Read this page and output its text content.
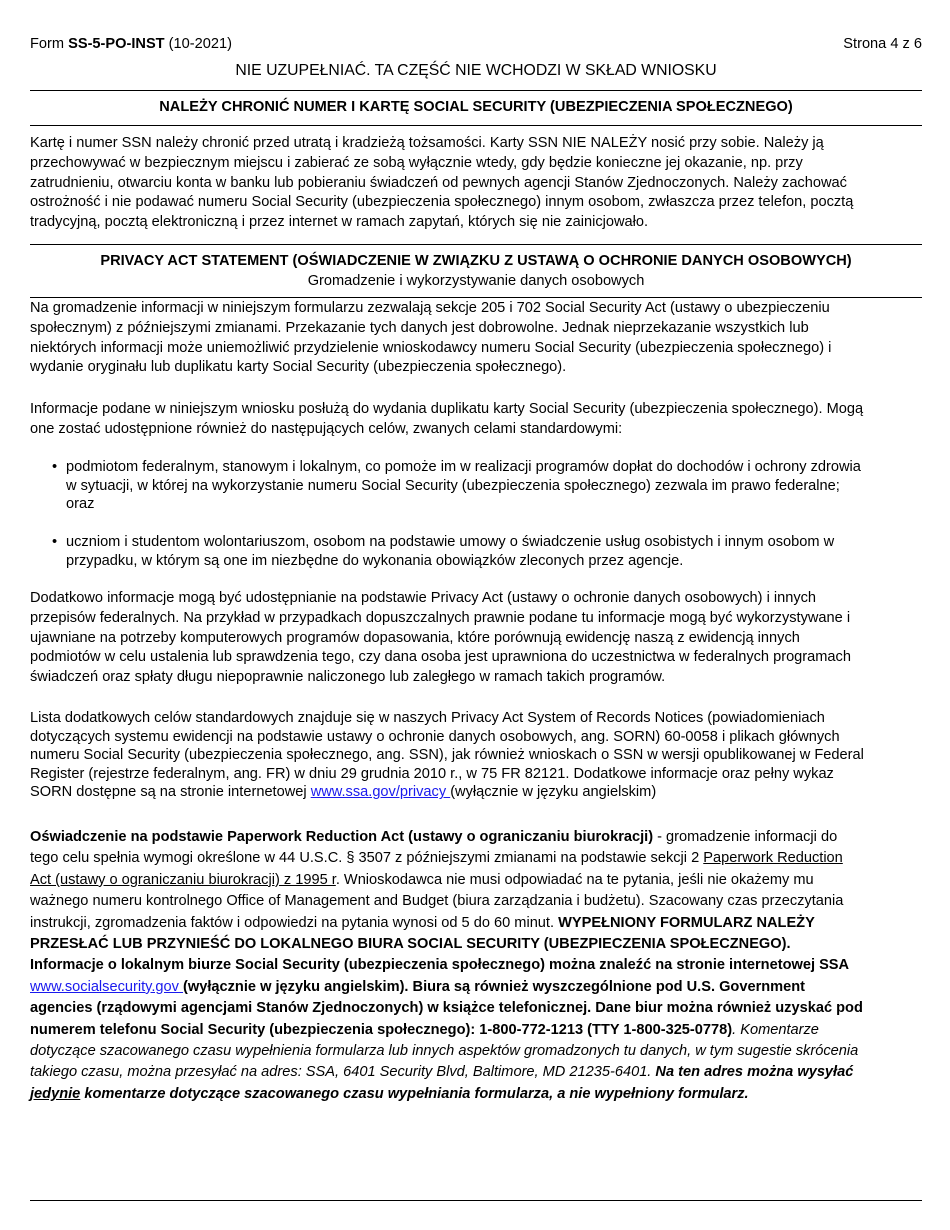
Form SS-5-PO-INST (10-2021)	Strona 4 z 6
NIE UZUPEŁNIAĆ. TA CZĘŚĆ NIE WCHODZI W SKŁAD WNIOSKU
NALEŻY CHRONIĆ NUMER I KARTĘ SOCIAL SECURITY (UBEZPIECZENIA SPOŁECZNEGO)
Kartę i numer SSN należy chronić przed utratą i kradzieżą tożsamości. Karty SSN NIE NALEŻY nosić przy sobie. Należy ją
przechowywać w bezpiecznym miejscu i zabierać ze sobą wyłącznie wtedy, gdy będzie konieczne jej okazanie, np. przy
zatrudnieniu, otwarciu konta w banku lub pobieraniu świadczeń od pewnych agencji Stanów Zjednoczonych. Należy zachować
ostrożność i nie podawać numeru Social Security (ubezpieczenia społecznego) innym osobom, zwłaszcza przez telefon, pocztą
tradycyjną, pocztą elektroniczną i przez internet w ramach zapytań, których się nie zainicjowało.
PRIVACY ACT STATEMENT (OŚWIADCZENIE W ZWIĄZKU Z USTAWĄ O OCHRONIE DANYCH OSOBOWYCH)
Gromadzenie i wykorzystywanie danych osobowych
Na gromadzenie informacji w niniejszym formularzu zezwalają sekcje 205 i 702 Social Security Act (ustawy o ubezpieczeniu
społecznym) z późniejszymi zmianami. Przekazanie tych danych jest dobrowolne. Jednak nieprzekazanie wszystkich lub
niektórych informacji może uniemożliwić przydzielenie wnioskodawcy numeru Social Security (ubezpieczenia społecznego) i
wydanie oryginału lub duplikatu karty Social Security (ubezpieczenia społecznego).
Informacje podane w niniejszym wniosku posłużą do wydania duplikatu karty Social Security (ubezpieczenia społecznego). Mogą
one zostać udostępnione również do następujących celów, zwanych celami standardowymi:
• podmiotom federalnym, stanowym i lokalnym, co pomoże im w realizacji programów dopłat do dochodów i ochrony zdrowia
w sytuacji, w której na wykorzystanie numeru Social Security (ubezpieczenia społecznego) zezwala im prawo federalne;
oraz
• uczniom i studentom wolontariuszom, osobom na podstawie umowy o świadczenie usług osobistych i innym osobom w
przypadku, w którym są one im niezbędne do wykonania obowiązków zleconych przez agencje.
Dodatkowo informacje mogą być udostępnianie na podstawie Privacy Act (ustawy o ochronie danych osobowych) i innych
przepisów federalnych. Na przykład w przypadkach dopuszczalnych prawnie podane tu informacje mogą być wykorzystywane i
ujawniane na potrzeby komputerowych programów dopasowania, które porównują ewidencję naszą z ewidencją innych
podmiotów w celu ustalenia lub sprawdzenia tego, czy dana osoba jest uprawniona do uczestnictwa w federalnych programach
świadczeń oraz spłaty długu niepoprawnie naliczonego lub zaległego w ramach takich programów.
Lista dodatkowych celów standardowych znajduje się w naszych Privacy Act System of Records Notices (powiadomieniach
dotyczących systemu ewidencji na podstawie ustawy o ochronie danych osobowych, ang. SORN) 60-0058 i plikach głównych
numeru Social Security (ubezpieczenia społecznego, ang. SSN), jak również wnioskach o SSN w wersji opublikowanej w Federal
Register (rejestrze federalnym, ang. FR) w dniu 29 grudnia 2010 r., w 75 FR 82121. Dodatkowe informacje oraz pełny wykaz
SORN dostępne są na stronie internetowej www.ssa.gov/privacy (wyłącznie w języku angielskim)
Oświadczenie na podstawie Paperwork Reduction Act (ustawy o ograniczaniu biurokracji) - gromadzenie informacji do
tego celu spełnia wymogi określone w 44 U.S.C. § 3507 z późniejszymi zmianami na podstawie sekcji 2 Paperwork Reduction
Act (ustawy o ograniczaniu biurokracji) z 1995 r. Wnioskodawca nie musi odpowiadać na te pytania, jeśli nie okażemy mu
ważnego numeru kontrolnego Office of Management and Budget (biura zarządzania i budżetu). Szacowany czas przeczytania
instrukcji, zgromadzenia faktów i odpowiedzi na pytania wynosi od 5 do 60 minut. WYPEŁNIONY FORMULARZ NALEŻY
PRZESŁAĆ LUB PRZYNIEŚĆ DO LOKALNEGO BIURA SOCIAL SECURITY (UBEZPIECZENIA SPOŁECZNEGO).
Informacje o lokalnym biurze Social Security (ubezpieczenia społecznego) można znaleźć na stronie internetowej SSA
www.socialsecurity.gov (wyłącznie w języku angielskim). Biura są również wyszczególnione pod U.S. Government
agencies (rządowymi agencjami Stanów Zjednoczonych) w książce telefonicznej. Dane biur można również uzyskać pod
numerem telefonu Social Security (ubezpieczenia społecznego): 1-800-772-1213 (TTY 1-800-325-0778). Komentarze
dotyczące szacowanego czasu wypełnienia formularza lub innych aspektów gromadzonych tu danych, w tym sugestie skrócenia
takiego czasu, można przesyłać na adres: SSA, 6401 Security Blvd, Baltimore, MD 21235-6401. Na ten adres można wysyłać
jedynie komentarze dotyczące szacowanego czasu wypełniania formularza, a nie wypełniony formularz.
